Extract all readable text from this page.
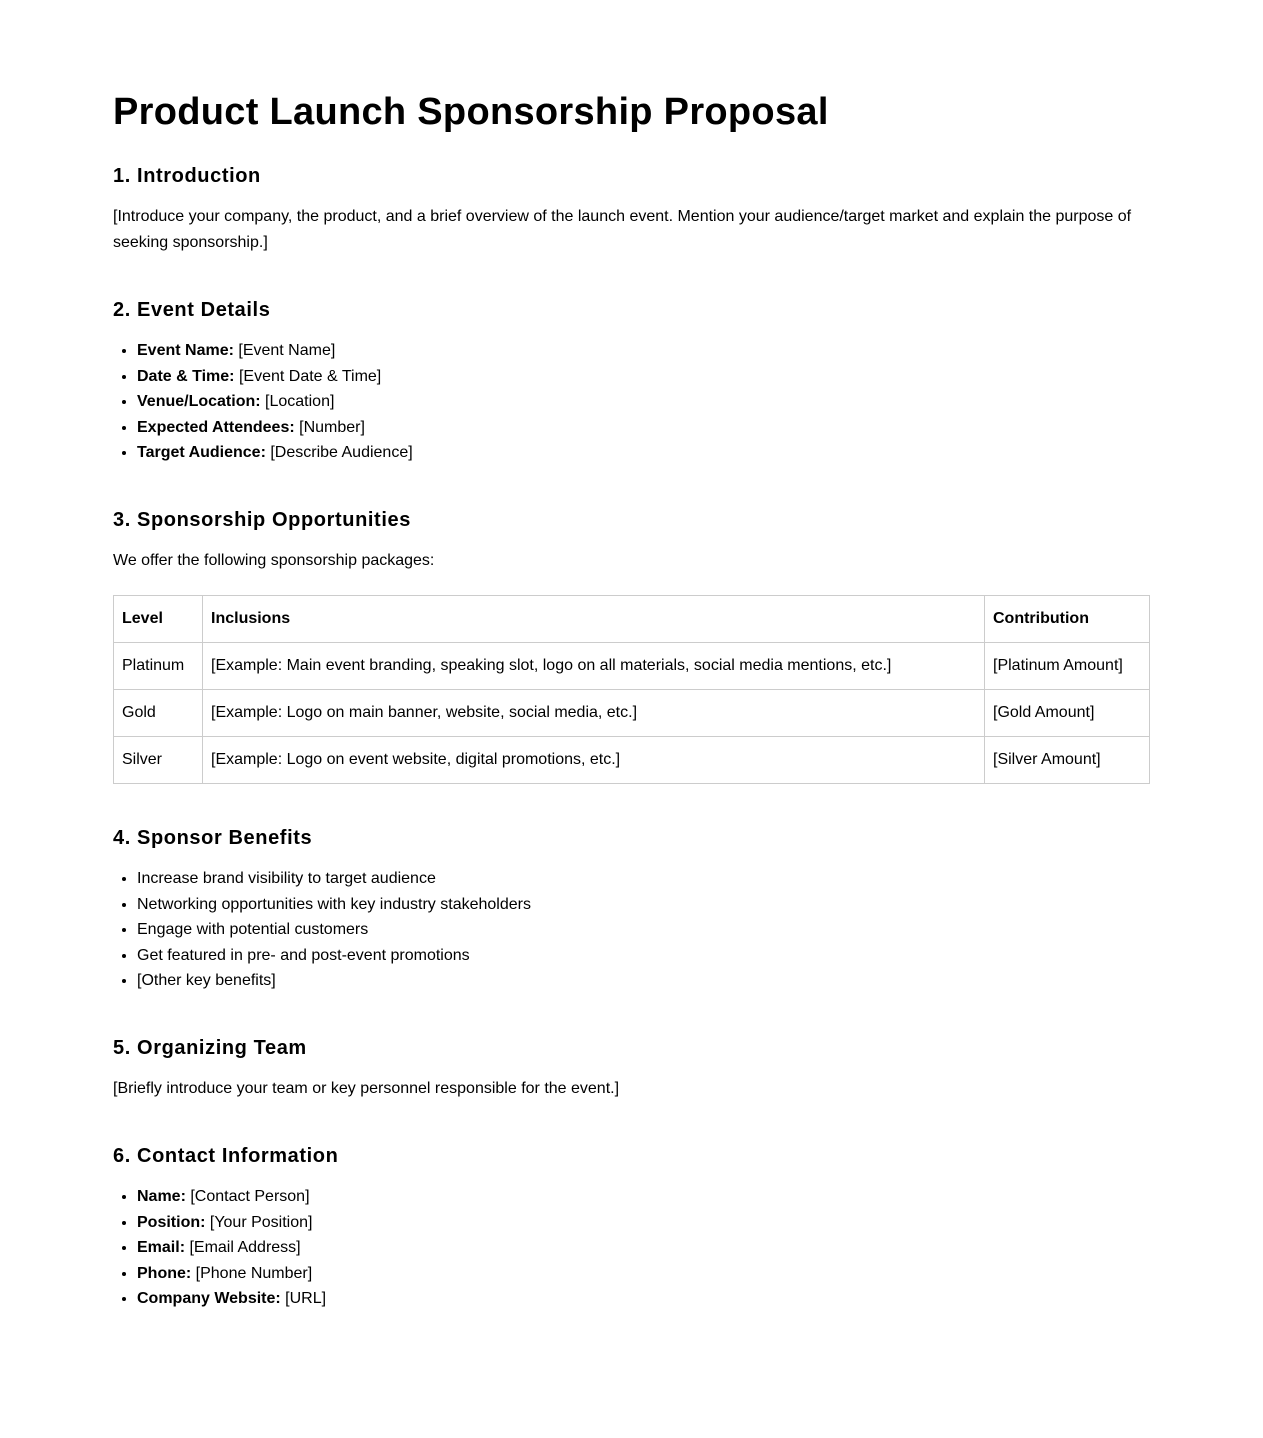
Product Launch Sponsorship Proposal
1. Introduction

[Introduce your company, the product, and a brief overview of the launch event. Mention your audience/target market and explain the purpose of seeking sponsorship.]

2. Event Details
• Event Name: [Event Name]
• Date & Time: [Event Date & Time]
• Venue/Location: [Location]
• Expected Attendees: [Number]
• Target Audience: [Describe Audience]
3. Sponsorship Opportunities

We offer the following sponsorship packages:

Level	Inclusions	Contribution
Platinum	[Example: Main event branding, speaking slot, logo on all materials, social media mentions, etc.]	[Platinum Amount]
Gold	[Example: Logo on main banner, website, social media, etc.]	[Gold Amount]
Silver	[Example: Logo on event website, digital promotions, etc.]	[Silver Amount]
4. Sponsor Benefits
• Increase brand visibility to target audience
• Networking opportunities with key industry stakeholders
• Engage with potential customers
• Get featured in pre- and post-event promotions
• [Other key benefits]
5. Organizing Team

[Briefly introduce your team or key personnel responsible for the event.]

6. Contact Information
• Name: [Contact Person]
• Position: [Your Position]
• Email: [Email Address]
• Phone: [Phone Number]
• Company Website: [URL]
